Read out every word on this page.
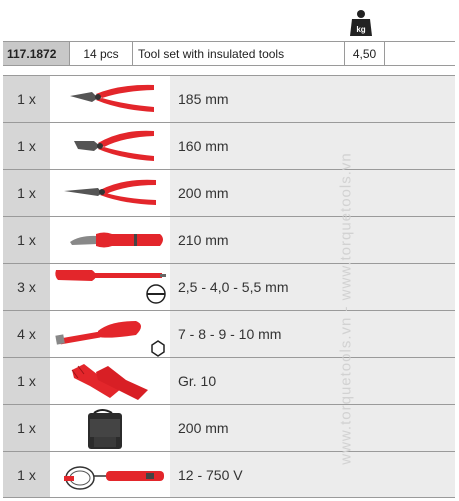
kg
117.1872	14 pcs	Tool set with insulated tools	4,50
1 x	185 mm
1 x	160 mm
1 x	200 mm
1 x	210 mm
3 x	2,5 - 4,0 - 5,5 mm
4 x	7 - 8 - 9 - 10 mm
1 x	Gr. 10
1 x	200 mm
1 x	12 - 750 V
www.torquetools.vn - www.torquetools.vn
